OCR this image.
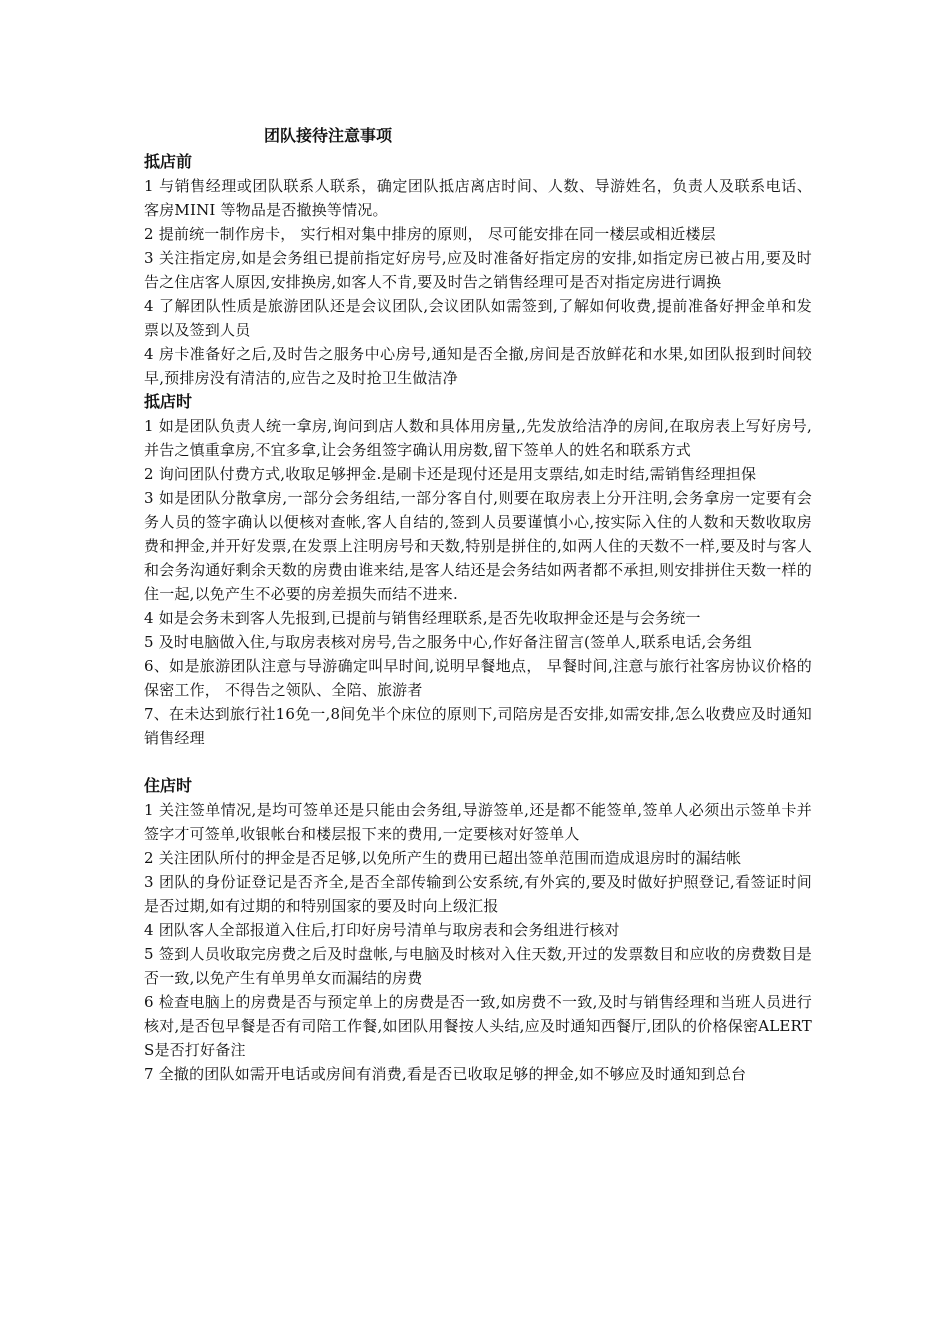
团队接待注意事项
抵店前

1 与销售经理或团队联系人联系，确定团队抵店离店时间、人数、导游姓名，负责人及联系电话、客房MINI 等物品是否撤换等情况。

2 提前统一制作房卡， 实行相对集中排房的原则， 尽可能安排在同一楼层或相近楼层

3 关注指定房,如是会务组已提前指定好房号,应及时准备好指定房的安排,如指定房已被占用,要及时告之住店客人原因,安排换房,如客人不肯,要及时告之销售经理可是否对指定房进行调换

4 了解团队性质是旅游团队还是会议团队,会议团队如需签到,了解如何收费,提前准备好押金单和发票以及签到人员

4 房卡准备好之后,及时告之服务中心房号,通知是否全撤,房间是否放鲜花和水果,如团队报到时间较早,预排房没有清洁的,应告之及时抢卫生做洁净

抵店时

1 如是团队负责人统一拿房,询问到店人数和具体用房量,,先发放给洁净的房间,在取房表上写好房号,并告之慎重拿房,不宜多拿,让会务组签字确认用房数,留下签单人的姓名和联系方式

2 询问团队付费方式,收取足够押金.是刷卡还是现付还是用支票结,如走时结,需销售经理担保

3 如是团队分散拿房,一部分会务组结,一部分客自付,则要在取房表上分开注明,会务拿房一定要有会务人员的签字确认以便核对查帐,客人自结的,签到人员要谨慎小心,按实际入住的人数和天数收取房费和押金,并开好发票,在发票上注明房号和天数,特别是拼住的,如两人住的天数不一样,要及时与客人和会务沟通好剩余天数的房费由谁来结,是客人结还是会务结如两者都不承担,则安排拼住天数一样的住一起,以免产生不必要的房差损失而结不进来.

4 如是会务未到客人先报到,已提前与销售经理联系,是否先收取押金还是与会务统一

5 及时电脑做入住,与取房表核对房号,告之服务中心,作好备注留言(签单人,联系电话,会务组

6、如是旅游团队注意与导游确定叫早时间,说明早餐地点， 早餐时间,注意与旅行社客房协议价格的保密工作， 不得告之领队、全陪、旅游者

7、在未达到旅行社16免一,8间免半个床位的原则下,司陪房是否安排,如需安排,怎么收费应及时通知销售经理

住店时

1 关注签单情况,是均可签单还是只能由会务组,导游签单,还是都不能签单,签单人必须出示签单卡并签字才可签单,收银帐台和楼层报下来的费用,一定要核对好签单人

2 关注团队所付的押金是否足够,以免所产生的费用已超出签单范围而造成退房时的漏结帐

3 团队的身份证登记是否齐全,是否全部传输到公安系统,有外宾的,要及时做好护照登记,看签证时间是否过期,如有过期的和特别国家的要及时向上级汇报

4 团队客人全部报道入住后,打印好房号清单与取房表和会务组进行核对

5 签到人员收取完房费之后及时盘帐,与电脑及时核对入住天数,开过的发票数目和应收的房费数目是否一致,以免产生有单男单女而漏结的房费

6 检查电脑上的房费是否与预定单上的房费是否一致,如房费不一致,及时与销售经理和当班人员进行核对,是否包早餐是否有司陪工作餐,如团队用餐按人头结,应及时通知西餐厅,团队的价格保密ALERTS是否打好备注

7 全撤的团队如需开电话或房间有消费,看是否已收取足够的押金,如不够应及时通知到总台
